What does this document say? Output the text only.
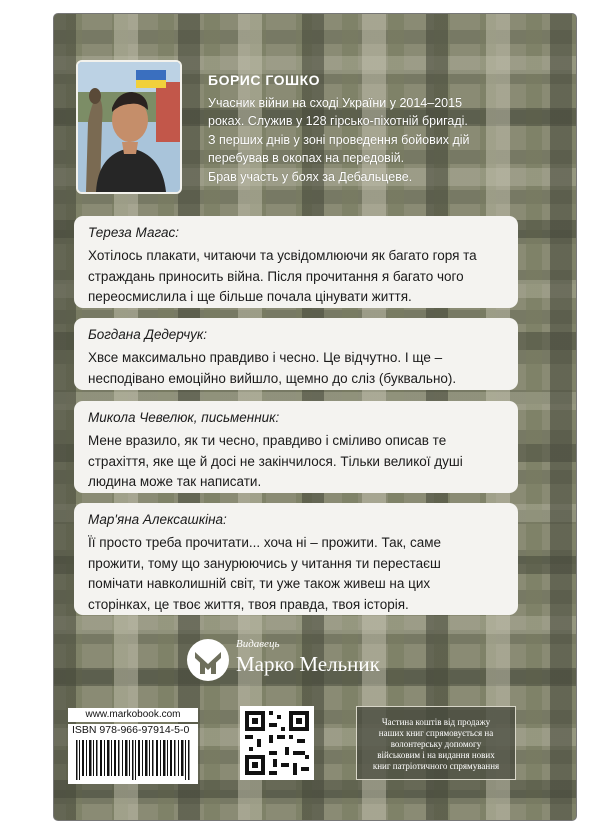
БОРИС ГОШКО
Учасник війни на сході України у 2014–2015
роках. Служив у 128 гірсько-піхотній бригаді.
З перших днів у зоні проведення бойових дій
перебував в окопах на передовій.
Брав участь у боях за Дебальцеве.
Тереза Магас:
Хотілось плакати, читаючи та усвідомлюючи як багато горя та
страждань приносить війна. Після прочитання я багато чого
переосмислила і ще більше почала цінувати життя.
Богдана Дедерчук:
Хвсе максимально правдиво і чесно. Це відчутно. І ще –
несподівано емоційно вийшло, щемно до сліз (буквально).
Микола Чевелюк, письменник:
Мене вразило, як ти чесно, правдиво і сміливо описав те
страхіття, яке ще й досі не закінчилося. Тільки великої душі
людина може так написати.
Мар'яна Алексашкіна:
Її просто треба прочитати... хоча ні – прожити. Так, саме
прожити, тому що занурюючись у читання ти перестаєш
помічати навколишній світ, ти уже також живеш на цих
сторінках, це твоє життя, твоя правда, твоя історія.
Видавець
Марко Мельник
www.markobook.com
ISBN 978-966-97914-5-0
Частина коштів від продажу
наших книг спрямовується на
волонтерську допомогу
військовим і на видання нових
книг патріотичного спрямування
